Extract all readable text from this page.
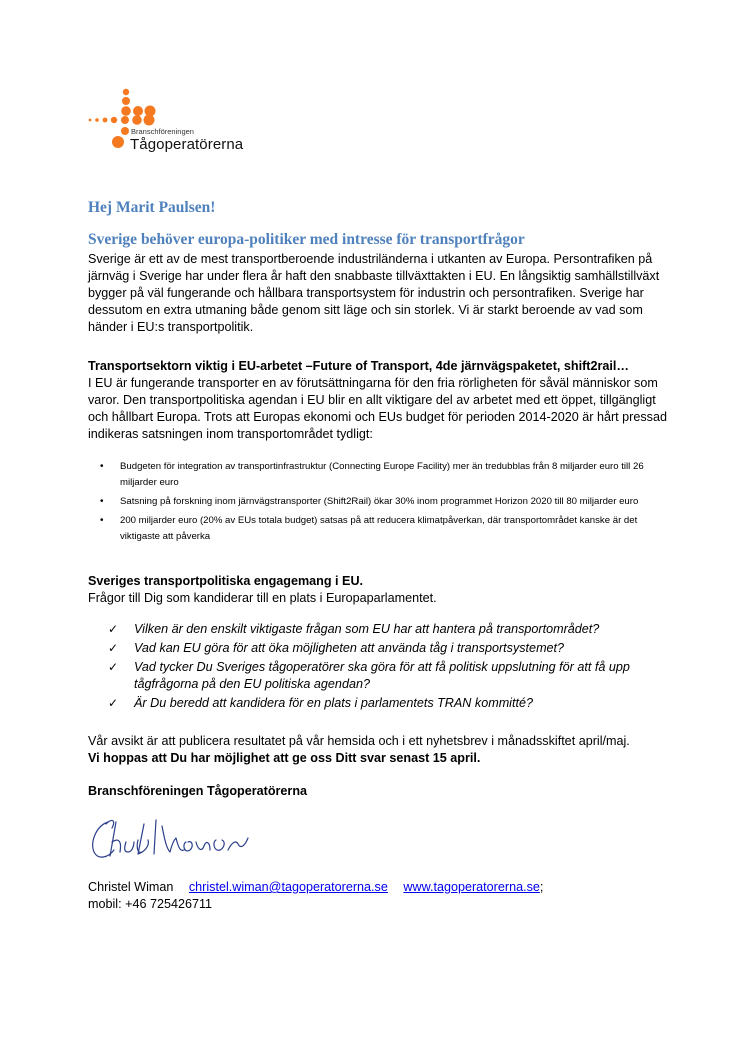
Branschföreningen
Tågoperatörerna
Hej Marit Paulsen!
Sverige behöver europa-politiker med intresse för transportfrågor
Sverige är ett av de mest transportberoende industriländerna i utkanten av Europa. Persontrafiken på järnväg i Sverige har under flera år haft den snabbaste tillväxttakten i EU. En långsiktig samhällstillväxt bygger på väl fungerande och hållbara transportsystem för industrin och persontrafiken. Sverige har dessutom en extra utmaning både genom sitt läge och sin storlek. Vi är starkt beroende av vad som händer i EU:s transportpolitik.
Transportsektorn viktig i EU-arbetet –Future of Transport, 4de järnvägspaketet, shift2rail…
I EU är fungerande transporter en av förutsättningarna för den fria rörligheten för såväl människor som varor. Den transportpolitiska agendan i EU blir en allt viktigare del av arbetet med ett öppet, tillgängligt och hållbart Europa. Trots att Europas ekonomi och EUs budget för perioden 2014-2020 är hårt pressad indikeras satsningen inom transportområdet tydligt:
• Budgeten för integration av transportinfrastruktur (Connecting Europe Facility) mer än tredubblas från 8 miljarder euro till 26 miljarder euro
• Satsning på forskning inom järnvägstransporter (Shift2Rail) ökar 30% inom programmet Horizon 2020 till 80 miljarder euro
• 200 miljarder euro (20% av EUs totala budget) satsas på att reducera klimatpåverkan, där transportområdet kanske är det viktigaste att påverka
Sveriges transportpolitiska engagemang i EU.
Frågor till Dig som kandiderar till en plats i Europaparlamentet.
✓ Vilken är den enskilt viktigaste frågan som EU har att hantera på transportområdet?
✓ Vad kan EU göra för att öka möjligheten att använda tåg i transportsystemet?
✓ Vad tycker Du Sveriges tågoperatörer ska göra för att få politisk uppslutning för att få upp tågfrågorna på den EU politiska agendan?
✓ Är Du beredd att kandidera för en plats i parlamentets TRAN kommitté?
Vår avsikt är att publicera resultatet på vår hemsida och i ett nyhetsbrev i månadsskiftet april/maj.
Vi hoppas att Du har möjlighet att ge oss Ditt svar senast 15 april.
Branschföreningen Tågoperatörerna
Christel Wiman christel.wiman@tagoperatorerna.se www.tagoperatorerna.se;
mobil: +46 725426711
